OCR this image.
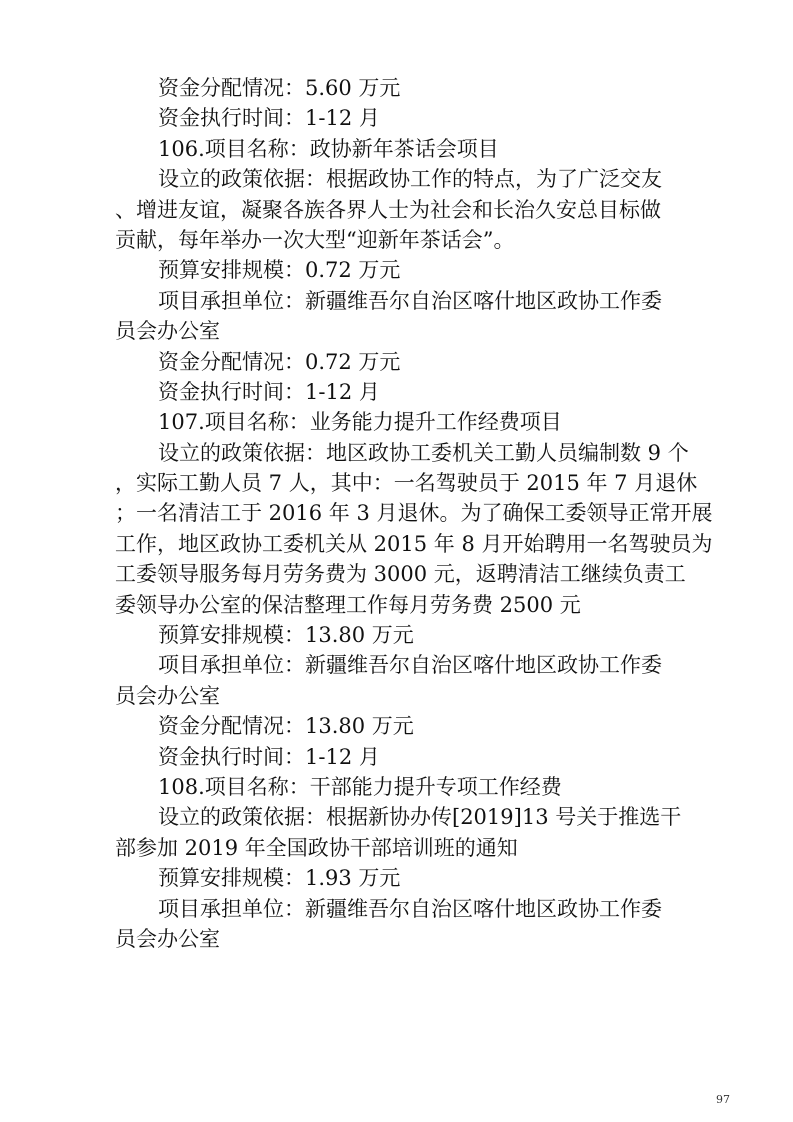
资金分配情况：5.60 万元

资金执行时间：1-12 月

106.项目名称：政协新年茶话会项目

设立的政策依据：根据政协工作的特点，为了广泛交友

、增进友谊，凝聚各族各界人士为社会和长治久安总目标做

贡献，每年举办一次大型“迎新年茶话会”。

预算安排规模：0.72 万元

项目承担单位：新疆维吾尔自治区喀什地区政协工作委

员会办公室

资金分配情况：0.72 万元

资金执行时间：1-12 月

107.项目名称：业务能力提升工作经费项目

设立的政策依据：地区政协工委机关工勤人员编制数 9 个

，实际工勤人员 7 人，其中：一名驾驶员于 2015 年 7 月退休

；一名清洁工于 2016 年 3 月退休。为了确保工委领导正常开展

工作，地区政协工委机关从 2015 年 8 月开始聘用一名驾驶员为

工委领导服务每月劳务费为 3000 元，返聘清洁工继续负责工

委领导办公室的保洁整理工作每月劳务费 2500 元

预算安排规模：13.80 万元

项目承担单位：新疆维吾尔自治区喀什地区政协工作委

员会办公室

资金分配情况：13.80 万元

资金执行时间：1-12 月

108.项目名称：干部能力提升专项工作经费

设立的政策依据：根据新协办传[2019]13 号关于推选干

部参加 2019 年全国政协干部培训班的通知

预算安排规模：1.93 万元

项目承担单位：新疆维吾尔自治区喀什地区政协工作委

员会办公室

97
